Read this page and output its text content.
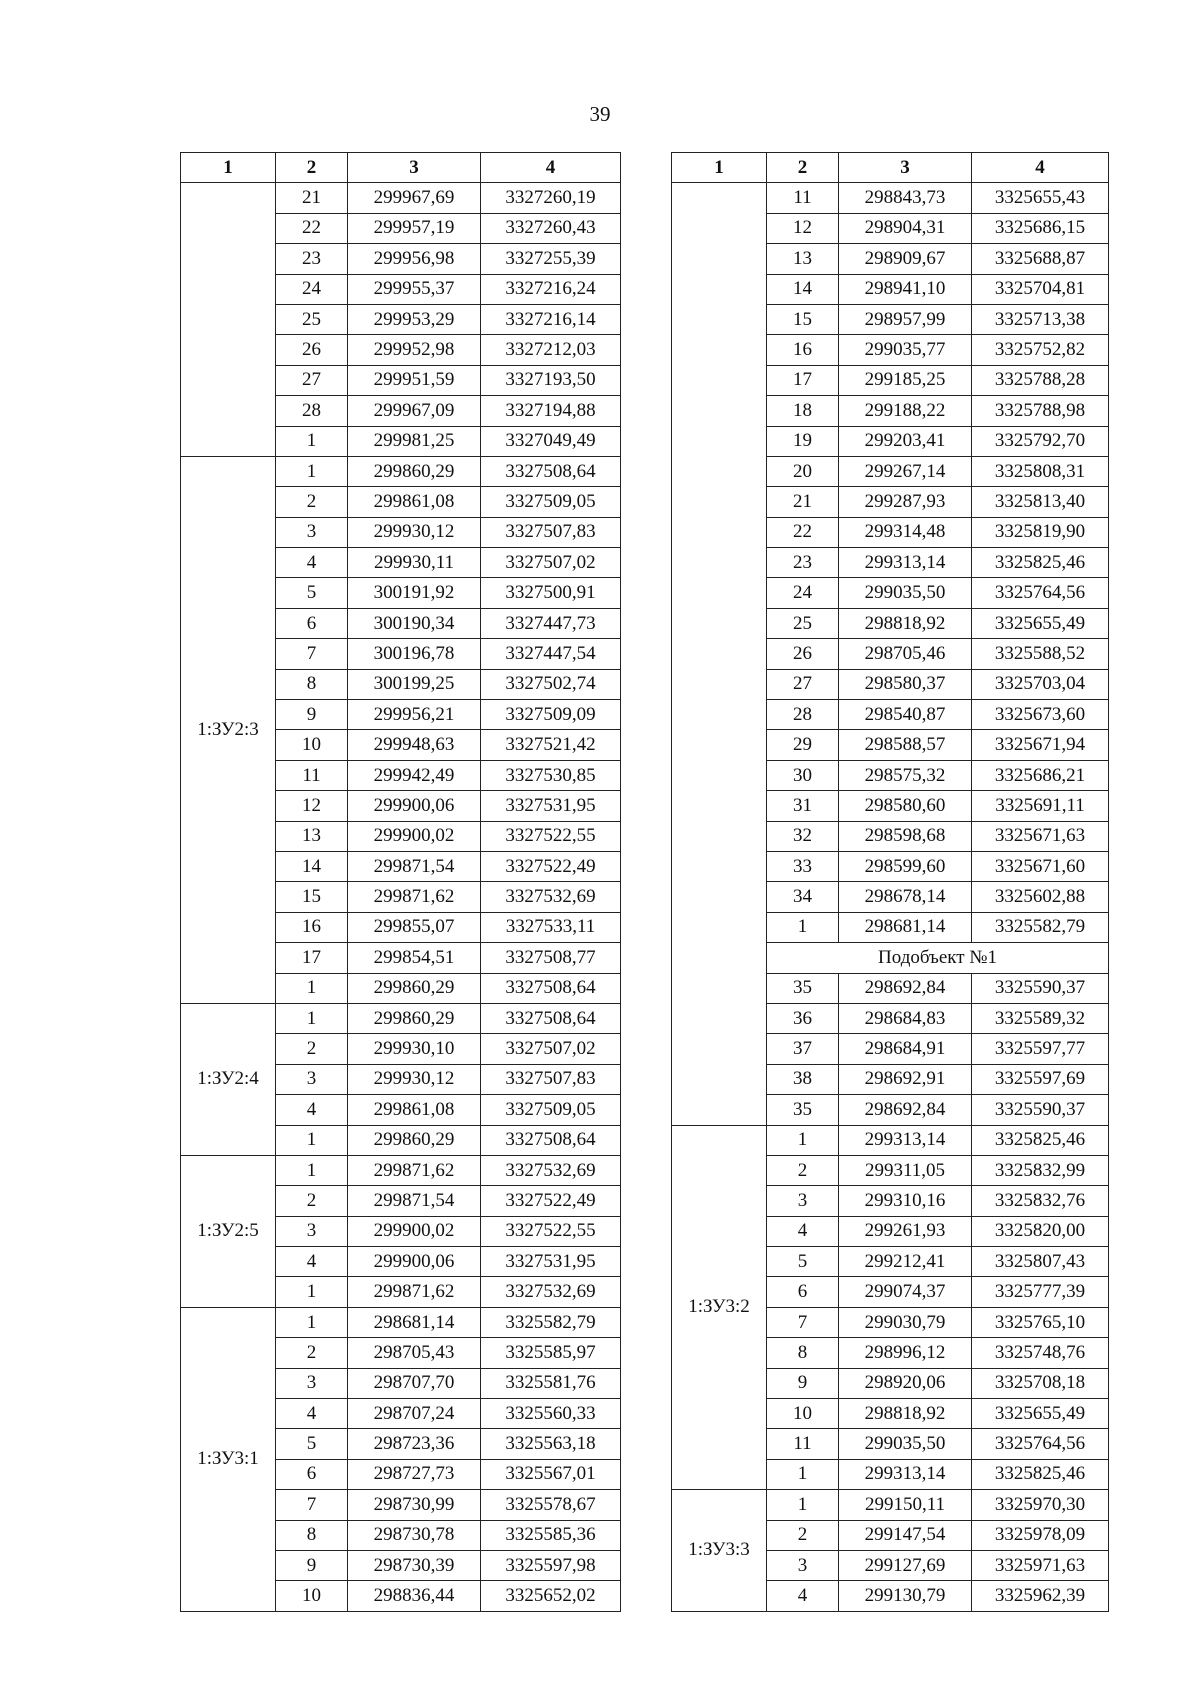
39
1	2	3	4
	21	299967,69	3327260,19
	22	299957,19	3327260,43
	23	299956,98	3327255,39
	24	299955,37	3327216,24
	25	299953,29	3327216,14
	26	299952,98	3327212,03
	27	299951,59	3327193,50
	28	299967,09	3327194,88
	1	299981,25	3327049,49
1:ЗУ2:3	1	299860,29	3327508,64
	2	299861,08	3327509,05
	3	299930,12	3327507,83
	4	299930,11	3327507,02
	5	300191,92	3327500,91
	6	300190,34	3327447,73
	7	300196,78	3327447,54
	8	300199,25	3327502,74
	9	299956,21	3327509,09
	10	299948,63	3327521,42
	11	299942,49	3327530,85
	12	299900,06	3327531,95
	13	299900,02	3327522,55
	14	299871,54	3327522,49
	15	299871,62	3327532,69
	16	299855,07	3327533,11
	17	299854,51	3327508,77
	1	299860,29	3327508,64
1:ЗУ2:4	1	299860,29	3327508,64
	2	299930,10	3327507,02
	3	299930,12	3327507,83
	4	299861,08	3327509,05
	1	299860,29	3327508,64
1:ЗУ2:5	1	299871,62	3327532,69
	2	299871,54	3327522,49
	3	299900,02	3327522,55
	4	299900,06	3327531,95
	1	299871,62	3327532,69
1:ЗУ3:1	1	298681,14	3325582,79
	2	298705,43	3325585,97
	3	298707,70	3325581,76
	4	298707,24	3325560,33
	5	298723,36	3325563,18
	6	298727,73	3325567,01
	7	298730,99	3325578,67
	8	298730,78	3325585,36
	9	298730,39	3325597,98
	10	298836,44	3325652,02
1	2	3	4
	11	298843,73	3325655,43
	12	298904,31	3325686,15
	13	298909,67	3325688,87
	14	298941,10	3325704,81
	15	298957,99	3325713,38
	16	299035,77	3325752,82
	17	299185,25	3325788,28
	18	299188,22	3325788,98
	19	299203,41	3325792,70
	20	299267,14	3325808,31
	21	299287,93	3325813,40
	22	299314,48	3325819,90
	23	299313,14	3325825,46
	24	299035,50	3325764,56
	25	298818,92	3325655,49
	26	298705,46	3325588,52
	27	298580,37	3325703,04
	28	298540,87	3325673,60
	29	298588,57	3325671,94
	30	298575,32	3325686,21
	31	298580,60	3325691,11
	32	298598,68	3325671,63
	33	298599,60	3325671,60
	34	298678,14	3325602,88
	1	298681,14	3325582,79
	Подобъект №1		
	35	298692,84	3325590,37
	36	298684,83	3325589,32
	37	298684,91	3325597,77
	38	298692,91	3325597,69
	35	298692,84	3325590,37
1:ЗУ3:2	1	299313,14	3325825,46
	2	299311,05	3325832,99
	3	299310,16	3325832,76
	4	299261,93	3325820,00
	5	299212,41	3325807,43
	6	299074,37	3325777,39
	7	299030,79	3325765,10
	8	298996,12	3325748,76
	9	298920,06	3325708,18
	10	298818,92	3325655,49
	11	299035,50	3325764,56
	1	299313,14	3325825,46
1:ЗУ3:3	1	299150,11	3325970,30
	2	299147,54	3325978,09
	3	299127,69	3325971,63
	4	299130,79	3325962,39
